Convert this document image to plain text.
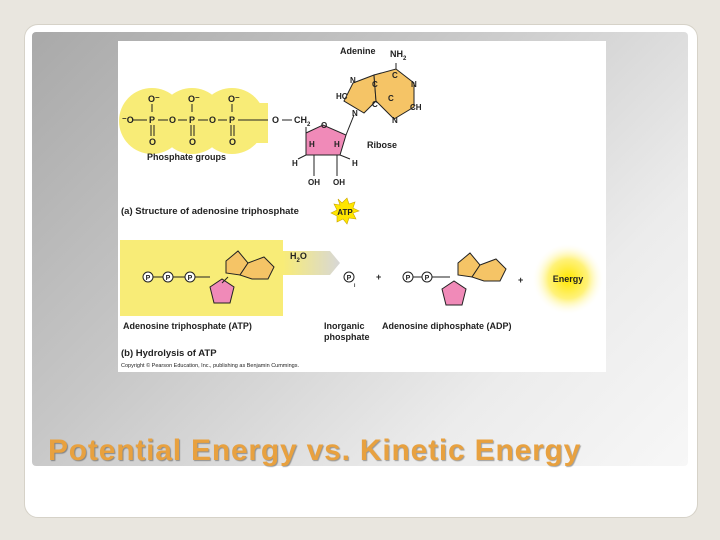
O⁻	O⁻	O⁻
⁻O P O P O P
O	O	O
Phosphate groups
O $CH_2$ O
H H
H	H
OH OH
Ribose
Adenine $NH_2$
N
C
N
HC
C
C	CH
N
C
N
(a) Structure of adenosine triphosphate	ATP
$H_2O$
P P P	P
i
+	P P	+	Energy
Adenosine triphosphate (ATP)	Inorganic
phosphate
Adenosine diphosphate (ADP)
(b) Hydrolysis of ATP
Copyright © Pearson Education, Inc., publishing as Benjamin Cummings.
Potential Energy vs. Kinetic Energy
